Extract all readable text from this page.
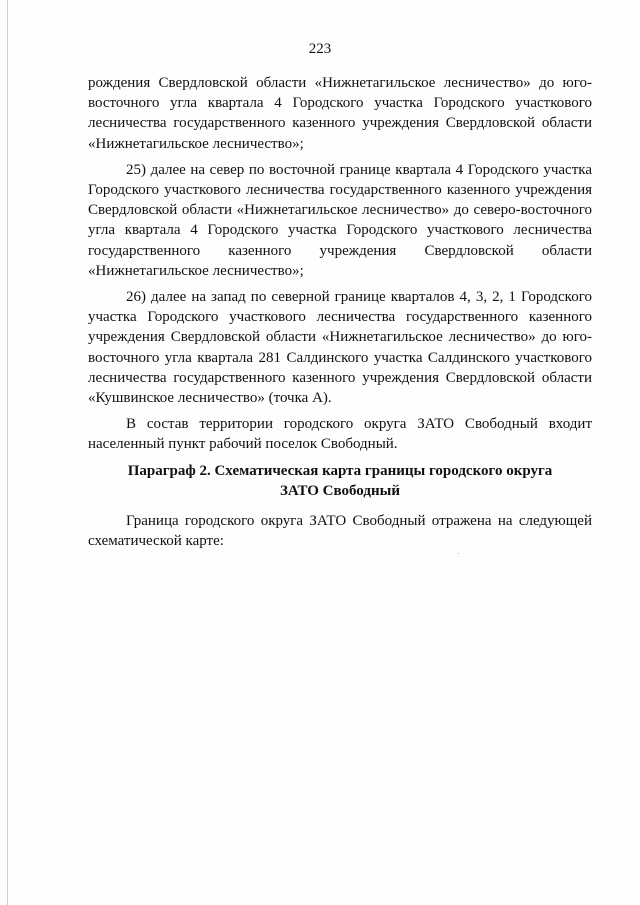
223

рождения Свердловской области «Нижнетагильское лесничество» до юго-восточного угла квартала 4 Городского участка Городского участкового лесничества государственного казенного учреждения Свердловской области «Нижнетагильское лесничество»;

25) далее на север по восточной границе квартала 4 Городского участка Городского участкового лесничества государственного казенного учреждения Свердловской области «Нижнетагильское лесничество» до северо-восточного угла квартала 4 Городского участка Городского участкового лесничества государственного казенного учреждения Свердловской области «Нижнетагильское лесничество»;

26) далее на запад по северной границе кварталов 4, 3, 2, 1 Городского участка Городского участкового лесничества государственного казенного учреждения Свердловской области «Нижнетагильское лесничество» до юго-восточного угла квартала 281 Салдинского участка Салдинского участкового лесничества государственного казенного учреждения Свердловской области «Кушвинское лесничество» (точка А).

В состав территории городского округа ЗАТО Свободный входит населенный пункт рабочий поселок Свободный.

Параграф 2. Схематическая карта границы городского округа
ЗАТО Свободный

Граница городского округа ЗАТО Свободный отражена на следующей схематической карте:
